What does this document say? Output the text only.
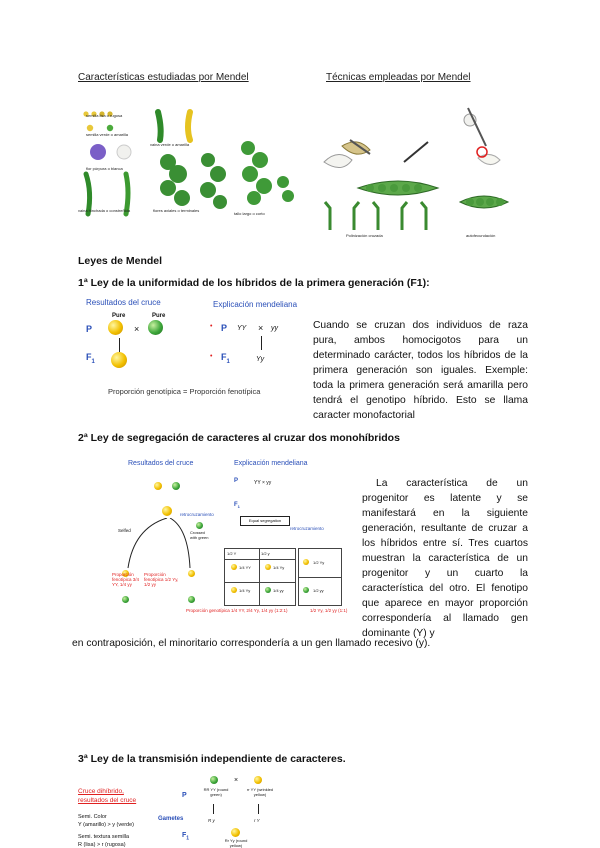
Características estudiadas por Mendel	Técnicas empleadas por Mendel
semilla lisa o rugosa
semilla verde o amarilla
flor púrpura o blanca
vaina hinchada o constreñida
vaina verde o amarilla
flores axiales o terminales
tallo largo o corto
Polinización cruzada	autofecundación
Leyes de Mendel
1ª Ley de la uniformidad de los híbridos de la primera generación (F1):
Resultados del cruce	Explicación mendeliana
Pure	Pure
P	×
$F_1$
• P YY × yy
• $F_1$	Yy
Proporción genotípica = Proporción fenotípica
Cuando se cruzan dos individuos de raza pura, ambos homocigotos para un determinado carácter, todos los híbridos de la primera generación son iguales. Exemple: toda la primera generación será amarilla pero tendrá el genotipo híbrido. Esto se llama caracter monofactorial
2ª Ley de segregación de caracteres al cruzar dos monohíbridos
Resultados del cruce	Explicación mendeliana
retrocruzamiento
Crossed with green
Selfed
Proporción fenotípica 3/4 YY, 1/4 yy
Proporción fenotípica 1/2 Yy, 1/2 yy
P	YY × yy
$F_1$
Equal segregation
retrocruzamiento
1/2 Y	1/2 y
1/4 YY	1/4 Yy
1/4 Yy	1/4 yy
1/2 Yy
1/2 yy
Proporción genotípica 1/4 YY, 2/4 Yy, 1/4 yy (1:2:1)	1/2 Yy, 1/2 yy (1:1)
La característica de un progenitor es latente y se manifestará en la siguiente generación, resultante de cruzar a los híbridos entre sí. Tres cuartos muestran la característica de un progenitor y un cuarto la característica del otro. El fenotipo que aparece en mayor proporción correspondería al llamado gen dominante (Y) y
en contraposición, el minoritario correspondería a un gen llamado recesivo (y).
3ª Ley de la transmisión independiente de caracteres.
Cruce dihíbrido,
resultados del cruce
Semi. Color
Y (amarillo) > y (verde)
Semi. textura semilla
R (lisa) > r (rugosa)
P
Gametes
$F_1$
×
RR YY (round green)
rr YY (wrinkled yellow)
R y	r Y
Rr Yy (round yellow)
